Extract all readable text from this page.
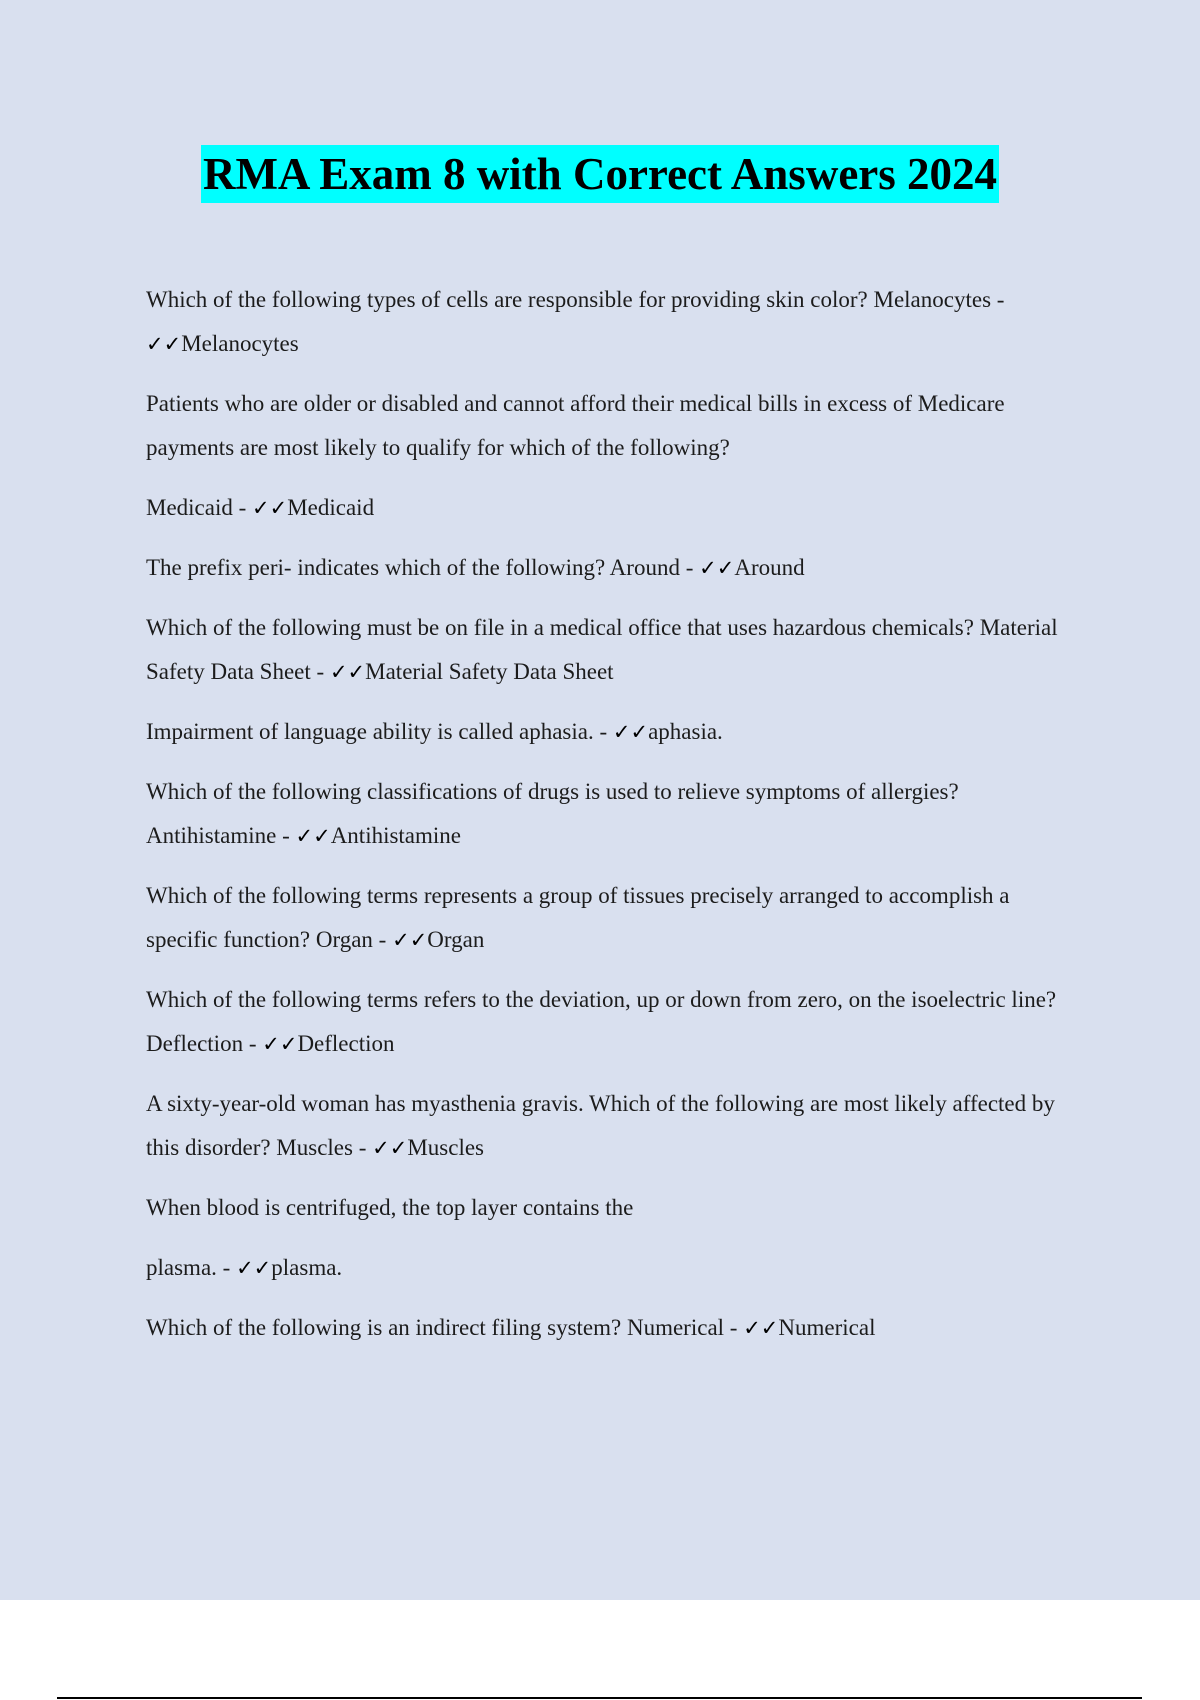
RMA Exam 8 with Correct Answers 2024

Which of the following types of cells are responsible for providing skin color? Melanocytes - ✓✓Melanocytes

Patients who are older or disabled and cannot afford their medical bills in excess of Medicare payments are most likely to qualify for which of the following?

Medicaid - ✓✓Medicaid

The prefix peri- indicates which of the following? Around - ✓✓Around

Which of the following must be on file in a medical office that uses hazardous chemicals? Material Safety Data Sheet - ✓✓Material Safety Data Sheet

Impairment of language ability is called aphasia. - ✓✓aphasia.

Which of the following classifications of drugs is used to relieve symptoms of allergies? Antihistamine - ✓✓Antihistamine

Which of the following terms represents a group of tissues precisely arranged to accomplish a specific function? Organ - ✓✓Organ

Which of the following terms refers to the deviation, up or down from zero, on the isoelectric line? Deflection - ✓✓Deflection

A sixty-year-old woman has myasthenia gravis. Which of the following are most likely affected by this disorder? Muscles - ✓✓Muscles

When blood is centrifuged, the top layer contains the

plasma. - ✓✓plasma.

Which of the following is an indirect filing system? Numerical - ✓✓Numerical
